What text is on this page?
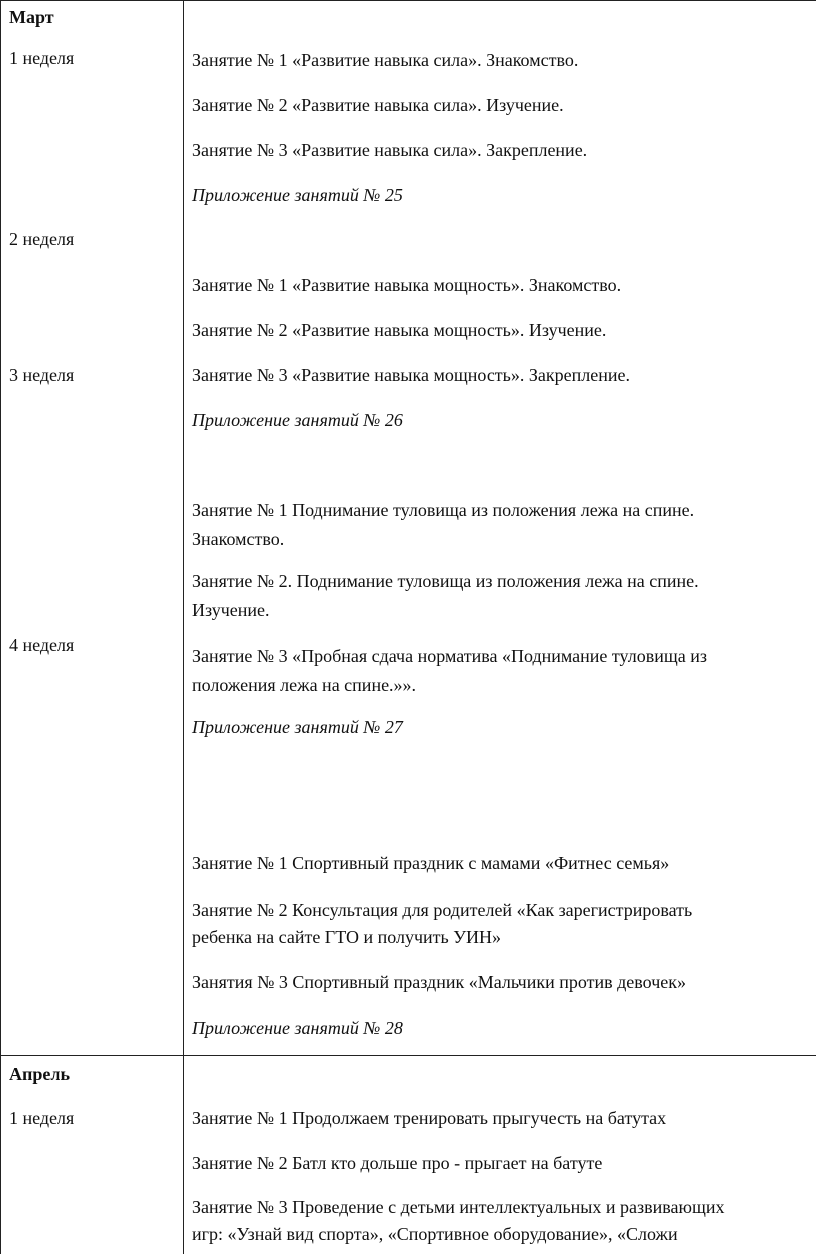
Март
1 неделя
2 неделя
3 неделя
4 неделя
Занятие № 1 «Развитие навыка сила». Знакомство.
Занятие № 2 «Развитие навыка сила». Изучение.
Занятие № 3 «Развитие навыка сила». Закрепление.
Приложение занятий № 25
Занятие № 1 «Развитие навыка мощность». Знакомство.
Занятие № 2 «Развитие навыка мощность». Изучение.
Занятие № 3 «Развитие навыка мощность». Закрепление.
Приложение занятий № 26
Занятие № 1 Поднимание туловища из положения лежа на спине.
Знакомство.
Занятие № 2. Поднимание туловища из положения лежа на спине.
Изучение.
Занятие № 3 «Пробная сдача норматива «Поднимание туловища из
положения лежа на спине.»».
Приложение занятий № 27
Занятие № 1 Спортивный праздник с мамами «Фитнес семья»
Занятие № 2 Консультация для родителей «Как зарегистрировать
ребенка на сайте ГТО и получить УИН»
Занятия № 3 Спортивный праздник «Мальчики против девочек»
Приложение занятий № 28
Апрель
1 неделя	Занятие № 1 Продолжаем тренировать прыгучесть на батутах
Занятие № 2 Батл кто дольше про - прыгает на батуте
Занятие № 3 Проведение с детьми интеллектуальных и развивающих
игр: «Узнай вид спорта», «Спортивное оборудование», «Сложи
